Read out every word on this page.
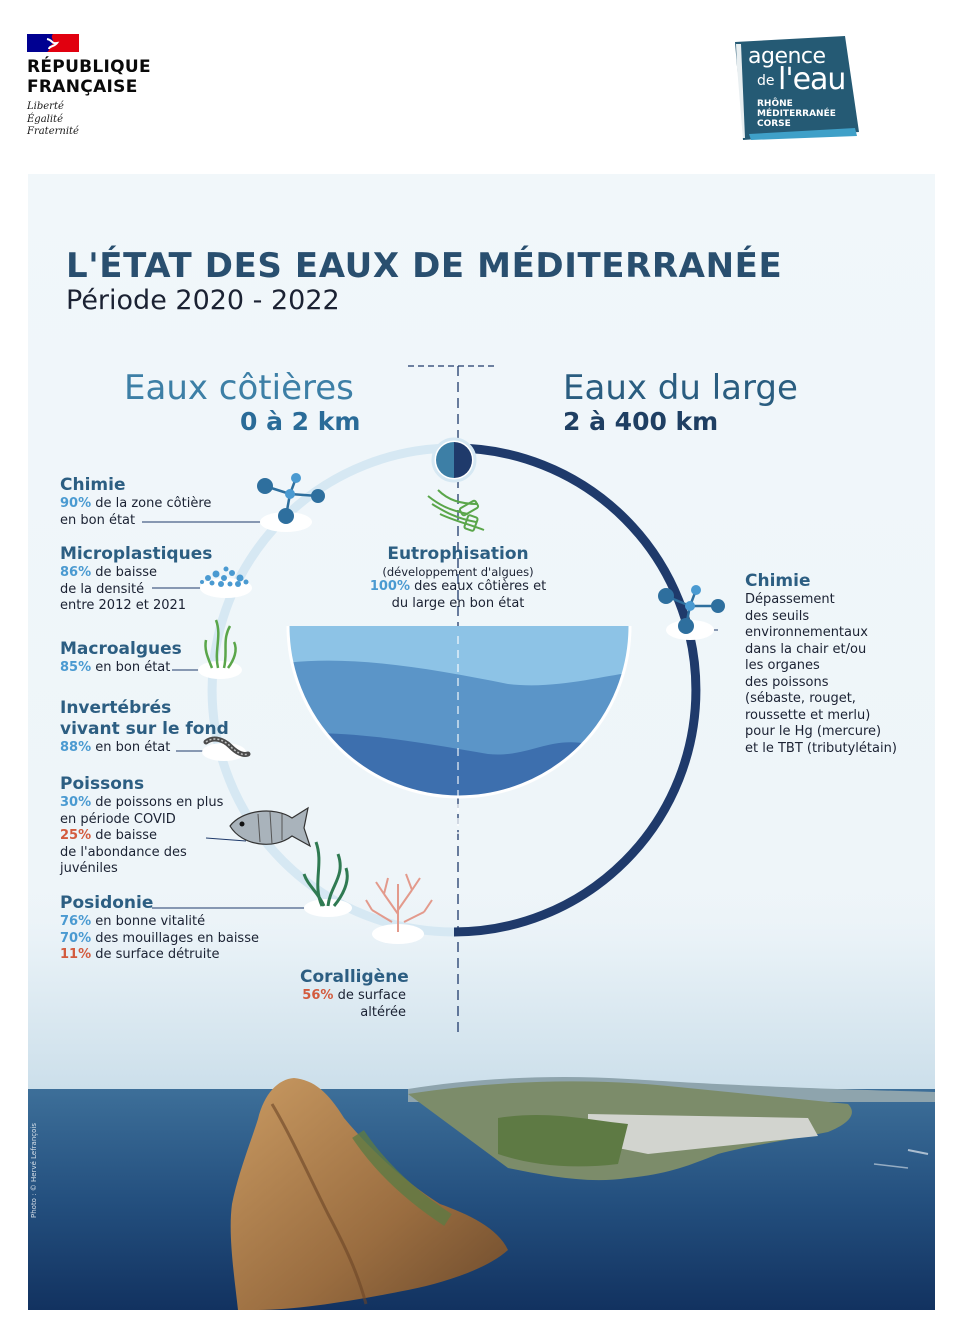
RÉPUBLIQUE
FRANÇAISE
Liberté
Égalité
Fraternité
agence
de l'eau
RHÔNE
MÉDITERRANÉE
CORSE
L'ÉTAT DES EAUX DE MÉDITERRANÉE
Période 2020 - 2022
Eaux côtières
0 à 2 km
Eaux du large
2 à 400 km
Chimie
90% de la zone côtière
en bon état
Microplastiques
86% de baisse
de la densité
entre 2012 et 2021
Macroalgues
85% en bon état
Invertébrés
vivant sur le fond
88% en bon état
Poissons
30% de poissons en plus
en période COVID
25% de baisse
de l'abondance des
juvéniles
Posidonie
76% en bonne vitalité
70% des mouillages en baisse
11% de surface détruite
Coralligène
56% de surface
altérée
Eutrophisation
(développement d'algues)
100% des eaux côtières et
du large en bon état
Chimie
Dépassement
des seuils
environnementaux
dans la chair et/ou
les organes
des poissons
(sébaste, rouget,
roussette et merlu)
pour le Hg (mercure)
et le TBT (tributylétain)
Photo : © Hervé Lefrançois
